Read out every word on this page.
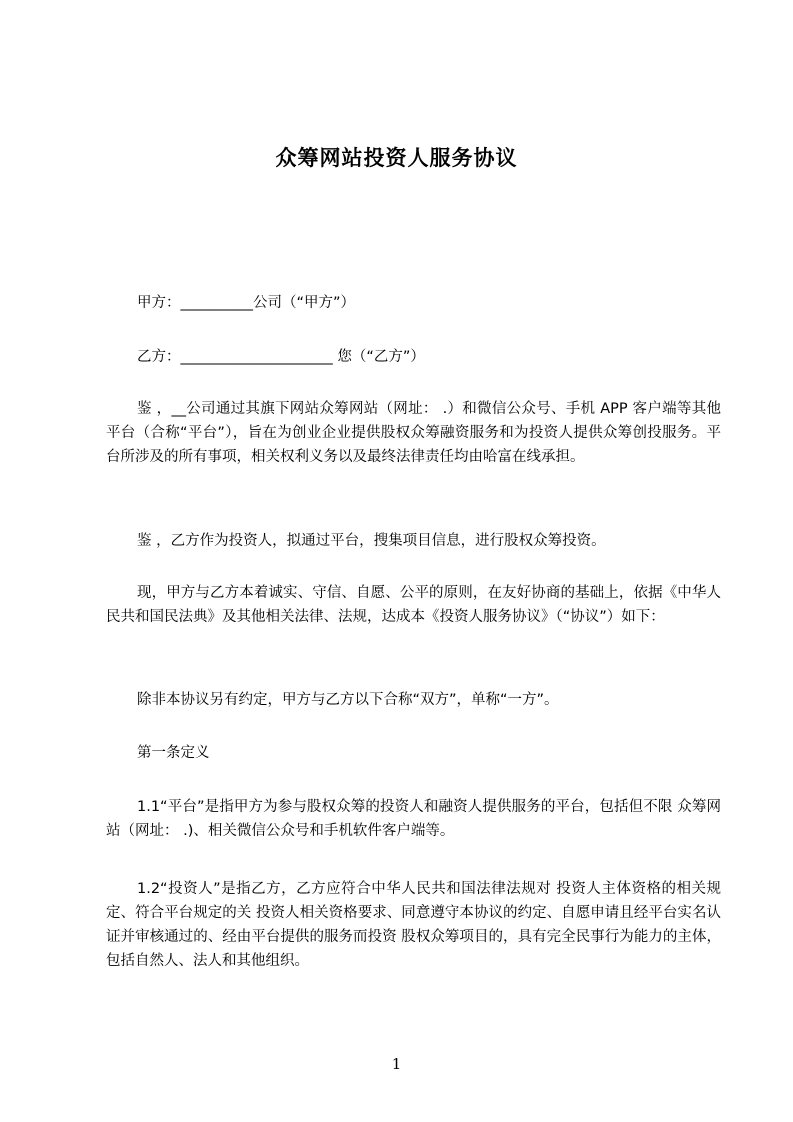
众筹网站投资人服务协议
甲方：__________公司（“甲方”）
乙方：_____________________ 您（“乙方”）
鉴 ，__公司通过其旗下网站众筹网站（网址： .）和微信公众号、手机 APP 客户端等其他平台（合称“平台”），旨在为创业企业提供股权众筹融资服务和为投资人提供众筹创投服务。平台所涉及的所有事项，相关权利义务以及最终法律责任均由哈富在线承担。
鉴 ，乙方作为投资人，拟通过平台，搜集项目信息，进行股权众筹投资。
现，甲方与乙方本着诚实、守信、自愿、公平的原则，在友好协商的基础上，依据《中华人民共和国民法典》及其他相关法律、法规，达成本《投资人服务协议》（“协议”）如下：
除非本协议另有约定，甲方与乙方以下合称“双方”，单称“一方”。
第一条定义
1.1“平台”是指甲方为参与股权众筹的投资人和融资人提供服务的平台，包括但不限 众筹网站（网址： .)、相关微信公众号和手机软件客户端等。
1.2“投资人”是指乙方，乙方应符合中华人民共和国法律法规对 投资人主体资格的相关规定、符合平台规定的关 投资人相关资格要求、同意遵守本协议的约定、自愿申请且经平台实名认证并审核通过的、经由平台提供的服务而投资 股权众筹项目的，具有完全民事行为能力的主体，包括自然人、法人和其他组织。
1
